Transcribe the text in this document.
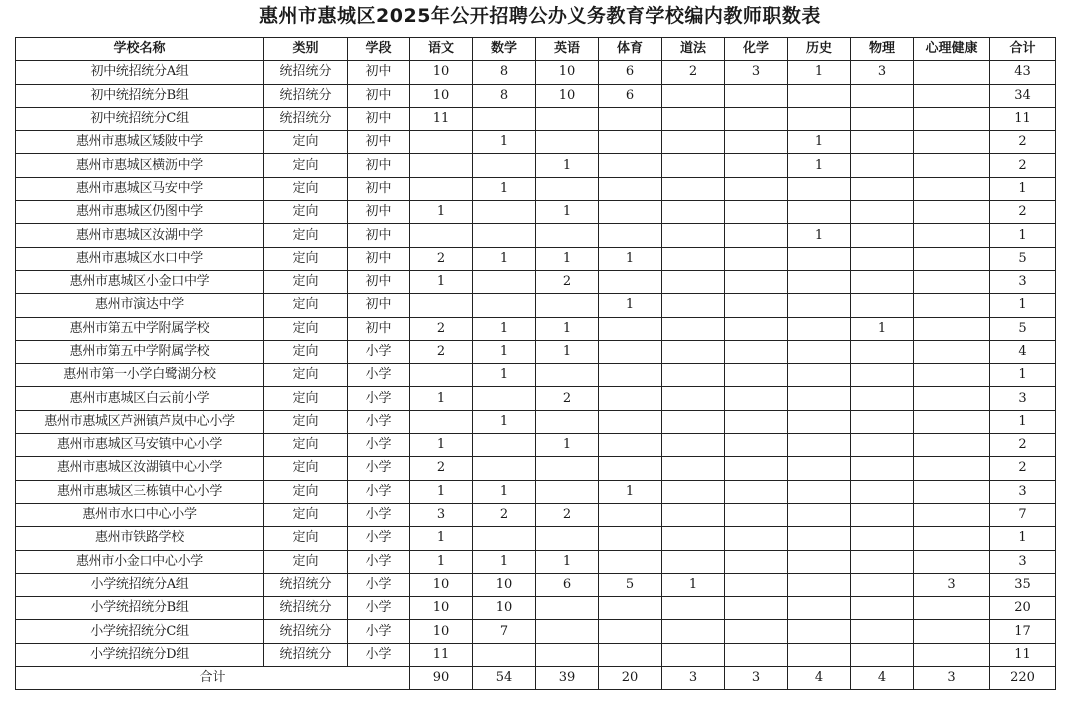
惠州市惠城区2025年公开招聘公办义务教育学校编内教师职数表
学校名称	类别	学段	语文	数学	英语	体育	道法	化学	历史	物理	心理健康	合计
初中统招统分A组	统招统分	初中	10	8	10	6	2	3	1	3		43
初中统招统分B组	统招统分	初中	10	8	10	6						34
初中统招统分C组	统招统分	初中	11									11
惠州市惠城区矮陂中学	定向	初中		1					1			2
惠州市惠城区横沥中学	定向	初中			1				1			2
惠州市惠城区马安中学	定向	初中		1								1
惠州市惠城区仍图中学	定向	初中	1		1							2
惠州市惠城区汝湖中学	定向	初中							1			1
惠州市惠城区水口中学	定向	初中	2	1	1	1						5
惠州市惠城区小金口中学	定向	初中	1		2							3
惠州市演达中学	定向	初中				1						1
惠州市第五中学附属学校	定向	初中	2	1	1					1		5
惠州市第五中学附属学校	定向	小学	2	1	1							4
惠州市第一小学白鹭湖分校	定向	小学		1								1
惠州市惠城区白云前小学	定向	小学	1		2							3
惠州市惠城区芦洲镇芦岚中心小学	定向	小学		1								1
惠州市惠城区马安镇中心小学	定向	小学	1		1							2
惠州市惠城区汝湖镇中心小学	定向	小学	2									2
惠州市惠城区三栋镇中心小学	定向	小学	1	1		1						3
惠州市水口中心小学	定向	小学	3	2	2							7
惠州市铁路学校	定向	小学	1									1
惠州市小金口中心小学	定向	小学	1	1	1							3
小学统招统分A组	统招统分	小学	10	10	6	5	1				3	35
小学统招统分B组	统招统分	小学	10	10								20
小学统招统分C组	统招统分	小学	10	7								17
小学统招统分D组	统招统分	小学	11									11
合计			90	54	39	20	3	3	4	4	3	220
